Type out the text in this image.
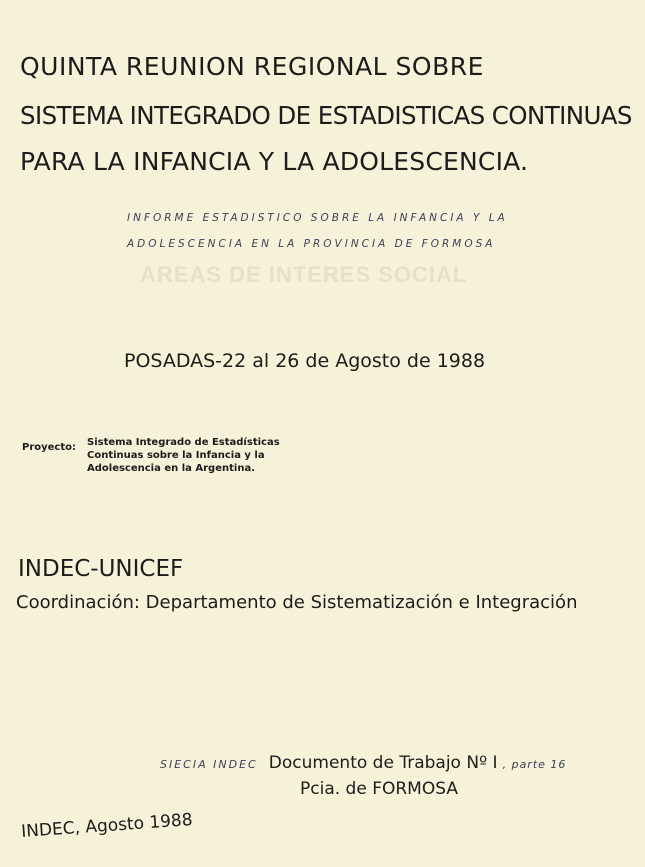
QUINTA REUNION REGIONAL SOBRE
SISTEMA INTEGRADO DE ESTADISTICAS CONTINUAS
PARA LA INFANCIA Y LA ADOLESCENCIA.
INFORME ESTADISTICO SOBRE LA INFANCIA Y LA
ADOLESCENCIA EN LA PROVINCIA DE FORMOSA
AREAS DE INTERES SOCIAL
POSADAS-22 al 26 de Agosto de 1988
Proyecto: Sistema Integrado de Estadísticas
Continuas sobre la Infancia y la
Adolescencia en la Argentina.
INDEC-UNICEF
Coordinación: Departamento de Sistematización e Integración
SIECIA INDEC Documento de Trabajo Nº I , parte 16
Pcia. de FORMOSA
INDEC, Agosto 1988
